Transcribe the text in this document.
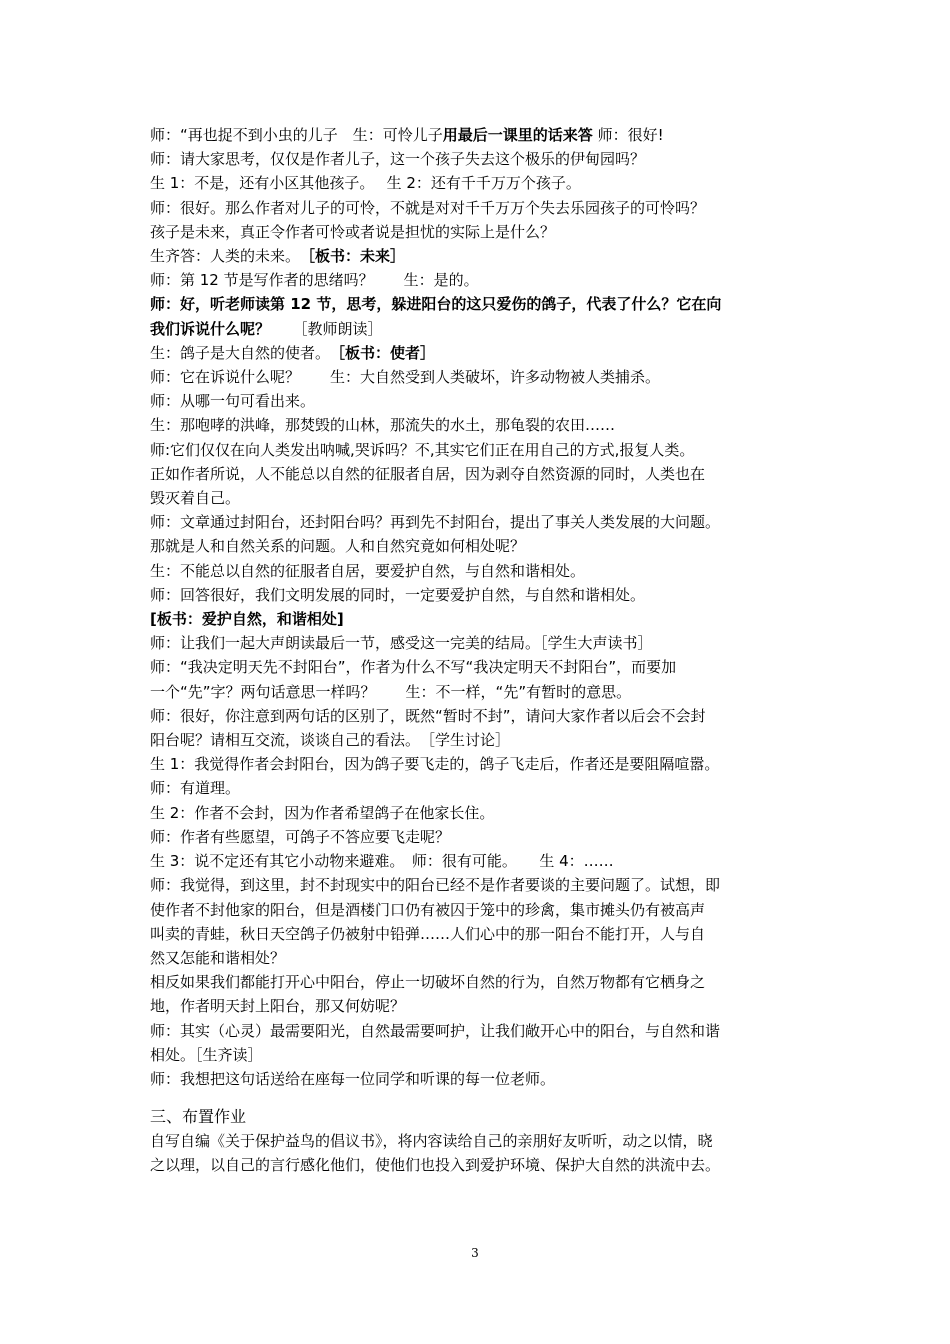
师：“再也捉不到小虫的儿子　生：可怜儿子用最后一课里的话来答 师：很好!
师：请大家思考，仅仅是作者儿子，这一个孩子失去这个极乐的伊甸园吗？
生 1：不是，还有小区其他孩子。　 生 2：还有千千万万个孩子。
师：很好。那么作者对儿子的可怜，不就是对对千千万万个失去乐园孩子的可怜吗？
孩子是未来，真正令作者可怜或者说是担忧的实际上是什么？
生齐答：人类的未来。　［板书：未来］
师：第 12 节是写作者的思绪吗？　　生：是的。
师：好，听老师读第 12 节，思考，躲进阳台的这只爱伤的鸽子，代表了什么？它在向
我们诉说什么呢？　　［教师朗读］
生：鸽子是大自然的使者。　［板书：使者］
师：它在诉说什么呢？　　生：大自然受到人类破坏，许多动物被人类捕杀。
师：从哪一句可看出来。
生：那咆哮的洪峰，那焚毁的山林，那流失的水土，那龟裂的农田……
师:它们仅仅在向人类发出呐喊,哭诉吗？不,其实它们正在用自己的方式,报复人类。
正如作者所说，人不能总以自然的征服者自居，因为剥夺自然资源的同时，人类也在
毁灭着自己。
师：文章通过封阳台，还封阳台吗？再到先不封阳台，提出了事关人类发展的大问题。
那就是人和自然关系的问题。人和自然究竟如何相处呢？
生：不能总以自然的征服者自居，要爱护自然，与自然和谐相处。
师：回答很好，我们文明发展的同时，一定要爱护自然，与自然和谐相处。
[板书：爱护自然，和谐相处]
师：让我们一起大声朗读最后一节，感受这一完美的结局。［学生大声读书］
师：“我决定明天先不封阳台”，作者为什么不写“我决定明天不封阳台”，而要加
一个“先”字？两句话意思一样吗？　　生：不一样，“先”有暂时的意思。
师：很好，你注意到两句话的区别了，既然“暂时不封”，请问大家作者以后会不会封
阳台呢？请相互交流，谈谈自己的看法。　［学生讨论］
生 1：我觉得作者会封阳台，因为鸽子要飞走的，鸽子飞走后，作者还是要阻隔喧嚣。
师：有道理。
生 2：作者不会封，因为作者希望鸽子在他家长住。
师：作者有些愿望，可鸽子不答应要飞走呢？
生 3：说不定还有其它小动物来避难。　师：很有可能。　　生 4：……
师：我觉得，到这里，封不封现实中的阳台已经不是作者要谈的主要问题了。试想，即
使作者不封他家的阳台，但是酒楼门口仍有被囚于笼中的珍禽，集市摊头仍有被高声
叫卖的青蛙，秋日天空鸽子仍被射中铅弹……人们心中的那一阳台不能打开，人与自
然又怎能和谐相处？
相反如果我们都能打开心中阳台，停止一切破坏自然的行为，自然万物都有它栖身之
地，作者明天封上阳台，那又何妨呢？
师：其实（心灵）最需要阳光，自然最需要呵护，让我们敞开心中的阳台，与自然和谐
相处。［生齐读］
师：我想把这句话送给在座每一位同学和听课的每一位老师。
三、布置作业
自写自编《关于保护益鸟的倡议书》，将内容读给自己的亲朋好友听听，动之以情，晓
之以理，以自己的言行感化他们，使他们也投入到爱护环境、保护大自然的洪流中去。
3
